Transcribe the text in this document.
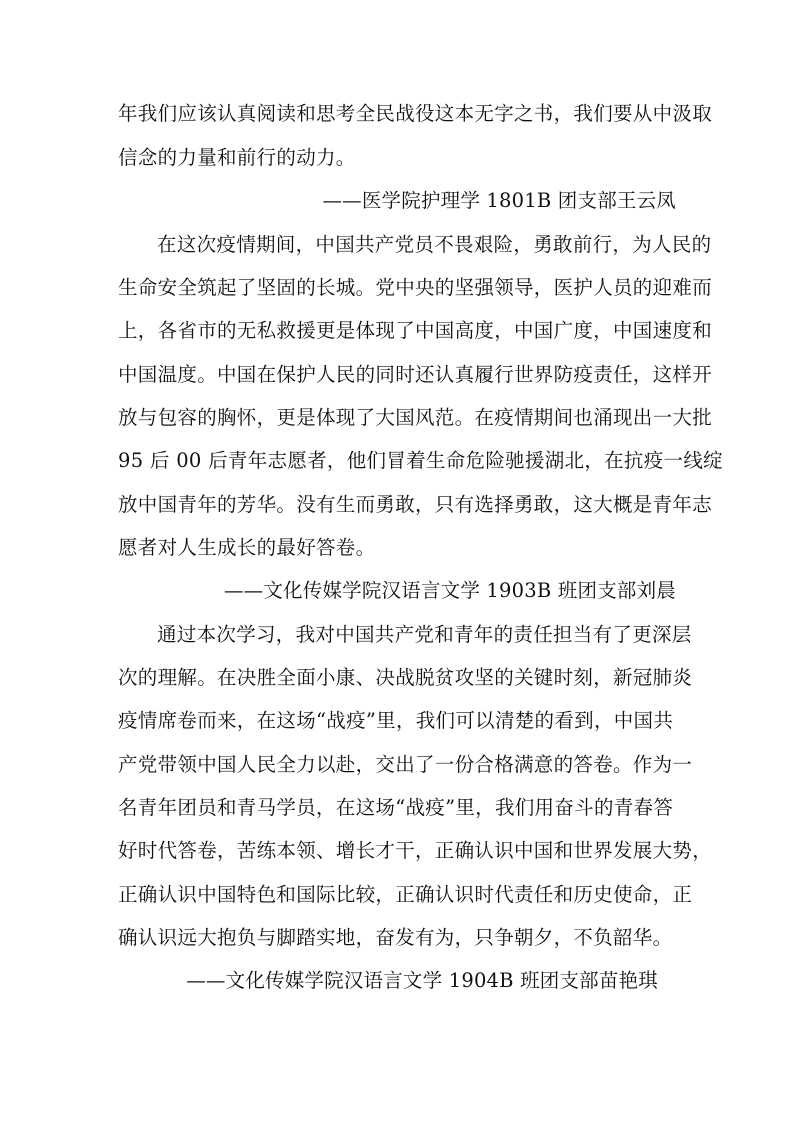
年我们应该认真阅读和思考全民战役这本无字之书，我们要从中汲取
信念的力量和前行的动力。
——医学院护理学 1801B 团支部王云凤
在这次疫情期间，中国共产党员不畏艰险，勇敢前行，为人民的
生命安全筑起了坚固的长城。党中央的坚强领导，医护人员的迎难而
上，各省市的无私救援更是体现了中国高度，中国广度，中国速度和
中国温度。中国在保护人民的同时还认真履行世界防疫责任，这样开
放与包容的胸怀，更是体现了大国风范。在疫情期间也涌现出一大批
95 后 00 后青年志愿者，他们冒着生命危险驰援湖北，在抗疫一线绽
放中国青年的芳华。没有生而勇敢，只有选择勇敢，这大概是青年志
愿者对人生成长的最好答卷。
——文化传媒学院汉语言文学 1903B 班团支部刘晨
通过本次学习，我对中国共产党和青年的责任担当有了更深层
次的理解。在决胜全面小康、决战脱贫攻坚的关键时刻，新冠肺炎
疫情席卷而来，在这场“战疫”里，我们可以清楚的看到，中国共
产党带领中国人民全力以赴，交出了一份合格满意的答卷。作为一
名青年团员和青马学员，在这场“战疫”里，我们用奋斗的青春答
好时代答卷，苦练本领、增长才干，正确认识中国和世界发展大势，
正确认识中国特色和国际比较，正确认识时代责任和历史使命，正
确认识远大抱负与脚踏实地，奋发有为，只争朝夕，不负韶华。
——文化传媒学院汉语言文学 1904B 班团支部苗艳琪
